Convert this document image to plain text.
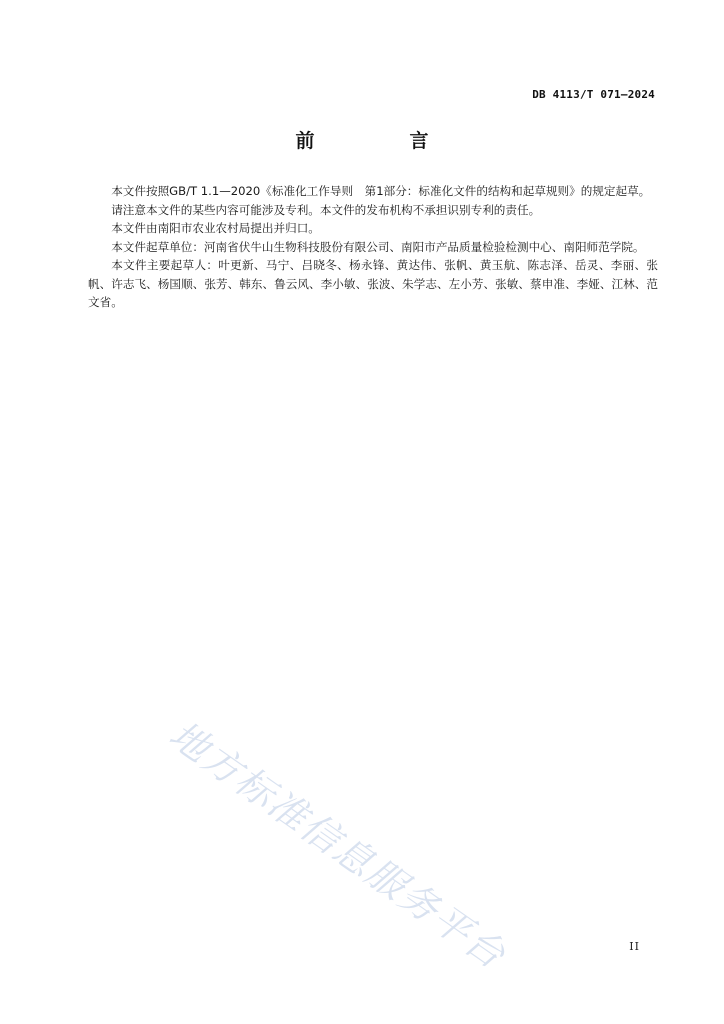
DB 4113/T 071—2024
前　言

本文件按照GB/T 1.1—2020《标准化工作导则　第1部分：标准化文件的结构和起草规则》的规定起草。

请注意本文件的某些内容可能涉及专利。本文件的发布机构不承担识别专利的责任。

本文件由南阳市农业农村局提出并归口。

本文件起草单位：河南省伏牛山生物科技股份有限公司、南阳市产品质量检验检测中心、南阳师范学院。

本文件主要起草人：叶更新、马宁、吕晓冬、杨永锋、黄达伟、张帆、黄玉航、陈志泽、岳灵、李丽、张帆、许志飞、杨国顺、张芳、韩东、鲁云风、李小敏、张波、朱学志、左小芳、张敏、蔡申准、李娅、江林、范文省。

地方标准信息服务平台	II
